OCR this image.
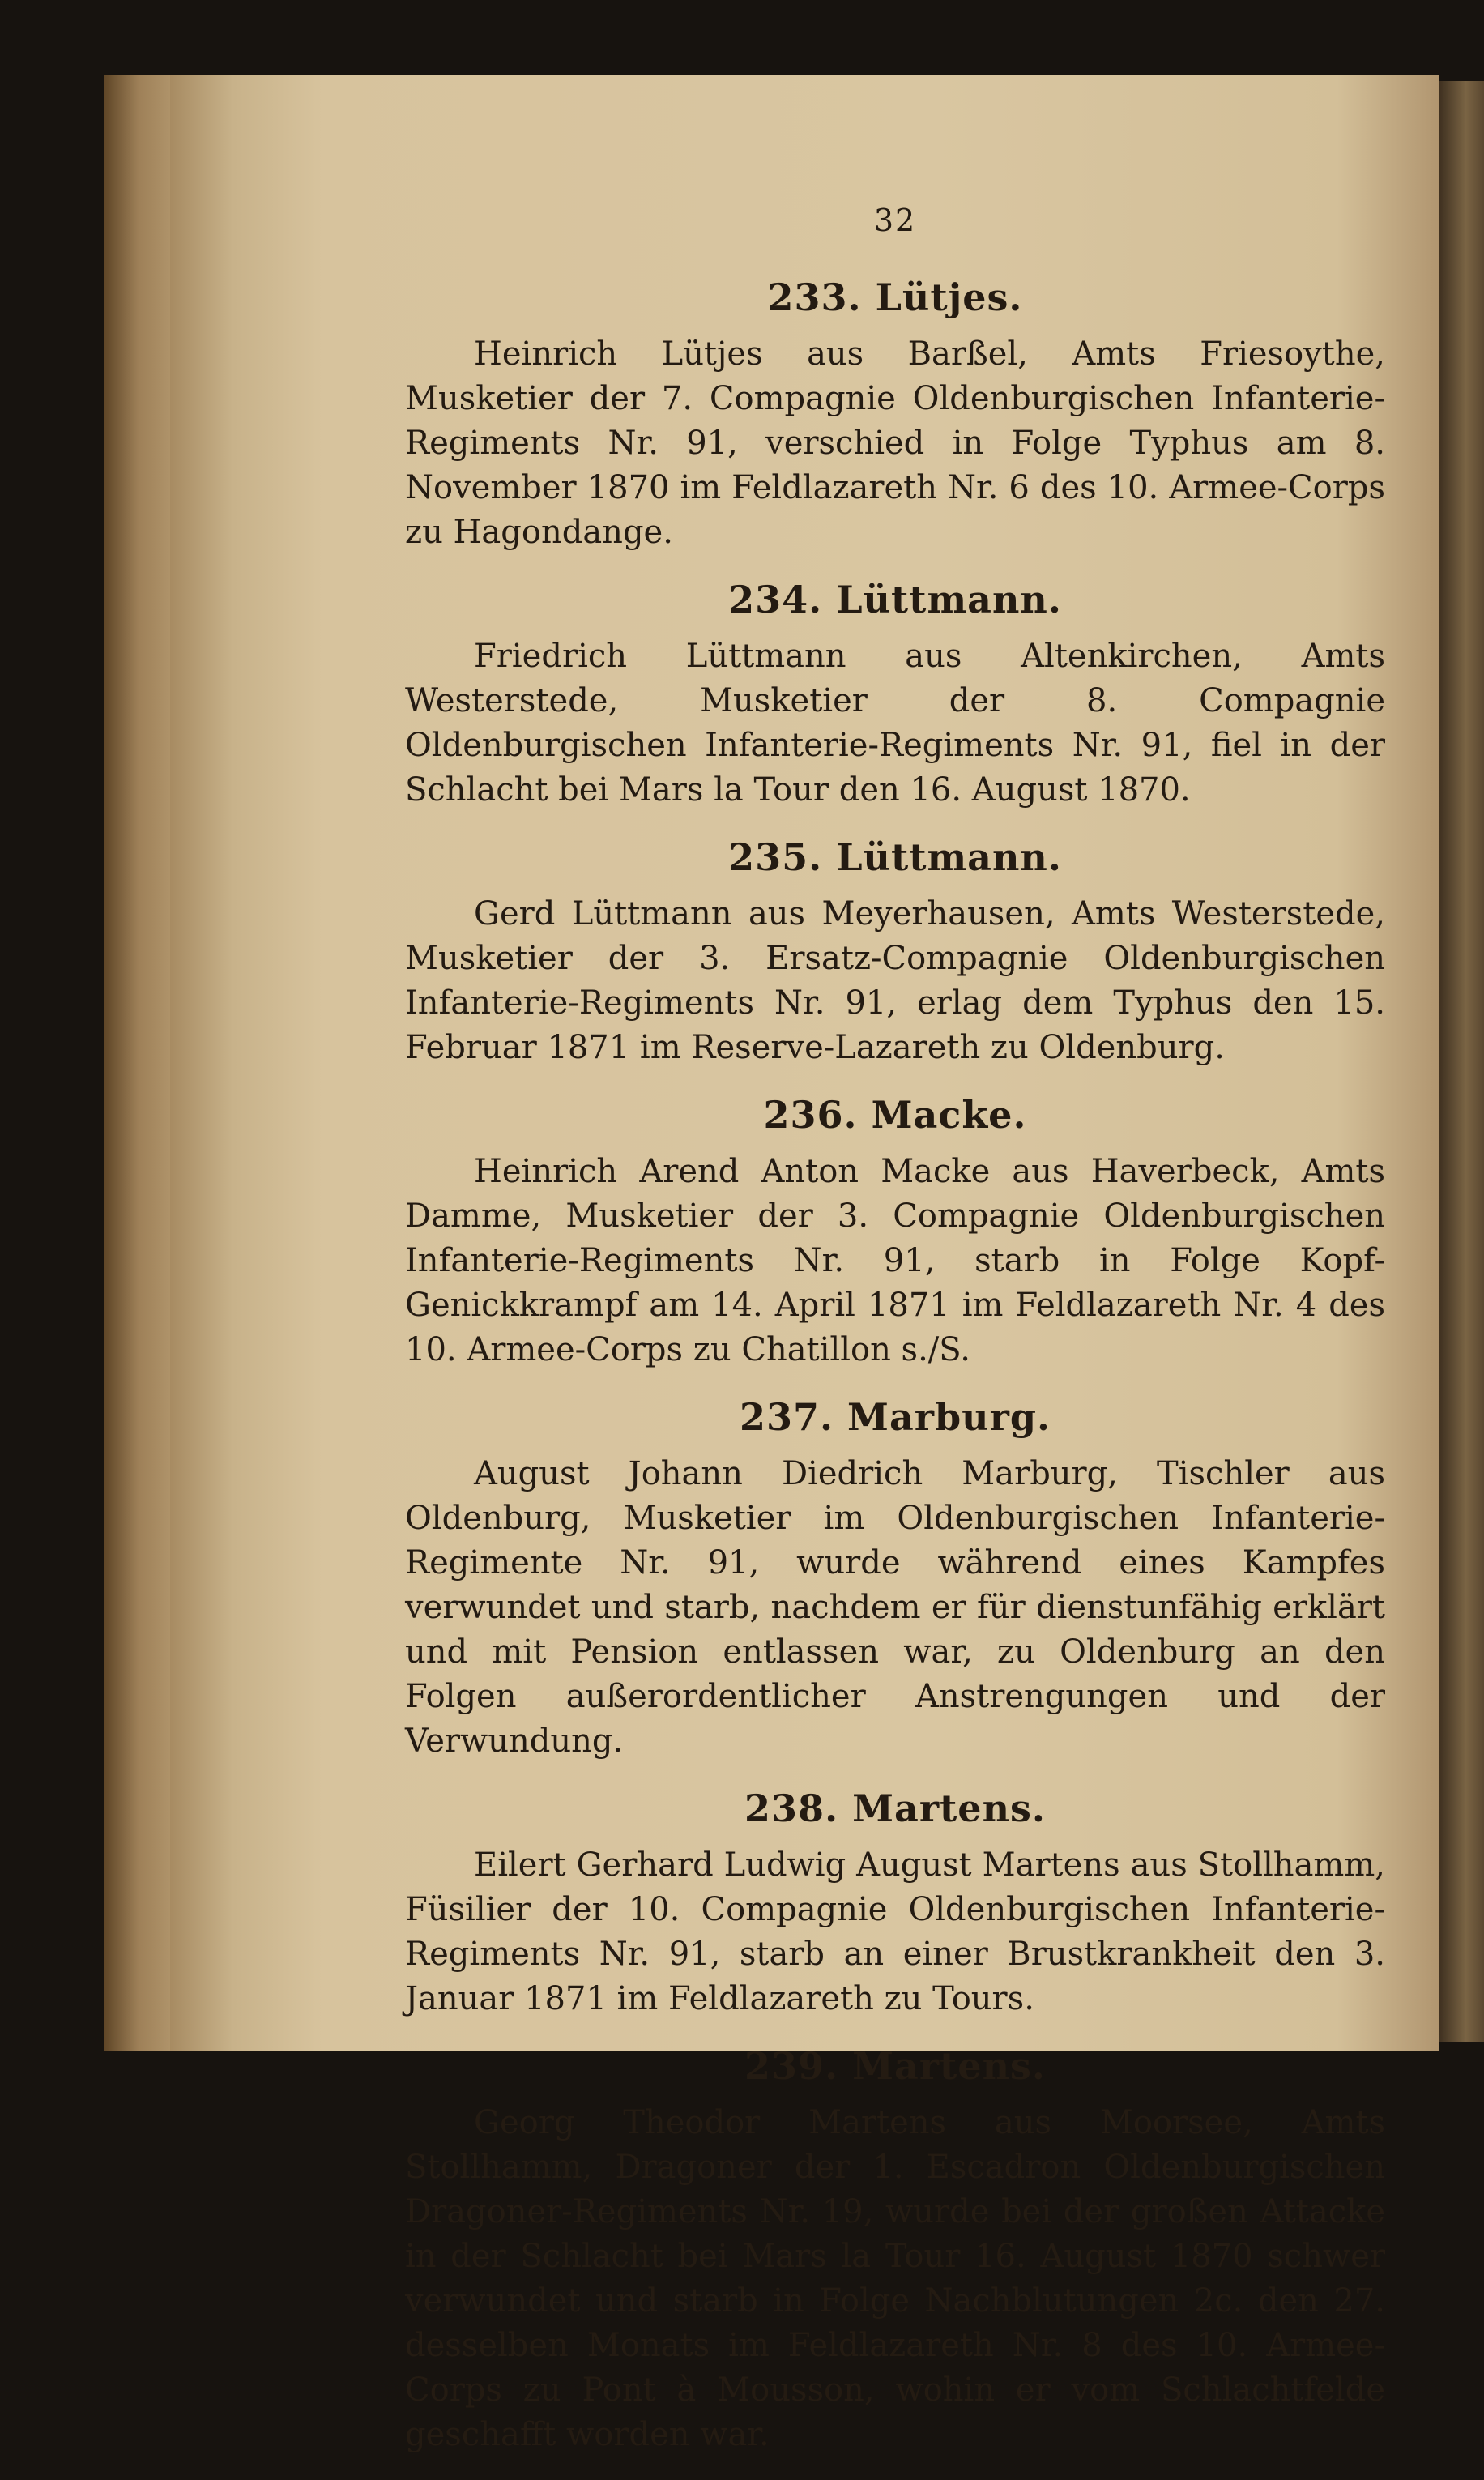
32
233. Lütjes.

Heinrich Lütjes aus Barßel, Amts Friesoythe, Musketier der 7. Compagnie Oldenburgischen Infanterie-Regiments Nr. 91, verschied in Folge Typhus am 8. November 1870 im Feldlazareth Nr. 6 des 10. Armee-Corps zu Hagondange.

234. Lüttmann.

Friedrich Lüttmann aus Altenkirchen, Amts Westerstede, Musketier der 8. Compagnie Oldenburgischen Infanterie-Regiments Nr. 91, fiel in der Schlacht bei Mars la Tour den 16. August 1870.

235. Lüttmann.

Gerd Lüttmann aus Meyerhausen, Amts Westerstede, Musketier der 3. Ersatz-Compagnie Oldenburgischen Infanterie-Regiments Nr. 91, erlag dem Typhus den 15. Februar 1871 im Reserve-Lazareth zu Oldenburg.

236. Macke.

Heinrich Arend Anton Macke aus Haverbeck, Amts Damme, Musketier der 3. Compagnie Oldenburgischen Infanterie-Regiments Nr. 91, starb in Folge Kopf-Genickkrampf am 14. April 1871 im Feldlazareth Nr. 4 des 10. Armee-Corps zu Chatillon s./S.

237. Marburg.

August Johann Diedrich Marburg, Tischler aus Oldenburg, Musketier im Oldenburgischen Infanterie-Regimente Nr. 91, wurde während eines Kampfes verwundet und starb, nachdem er für dienstunfähig erklärt und mit Pension entlassen war, zu Oldenburg an den Folgen außerordentlicher Anstrengungen und der Verwundung.

238. Martens.

Eilert Gerhard Ludwig August Martens aus Stollhamm, Füsilier der 10. Compagnie Oldenburgischen Infanterie-Regiments Nr. 91, starb an einer Brustkrankheit den 3. Januar 1871 im Feldlazareth zu Tours.

239. Martens.

Georg Theodor Martens aus Moorsee, Amts Stollhamm, Dragoner der 1. Escadron Oldenburgischen Dragoner-Regiments Nr. 19, wurde bei der großen Attacke in der Schlacht bei Mars la Tour 16. August 1870 schwer verwundet und starb in Folge Nachblutungen 2c. den 27. desselben Monats im Feldlazareth Nr. 8 des 10. Armee-Corps zu Pont à Mousson, wohin er vom Schlachtfelde geschafft worden war.
